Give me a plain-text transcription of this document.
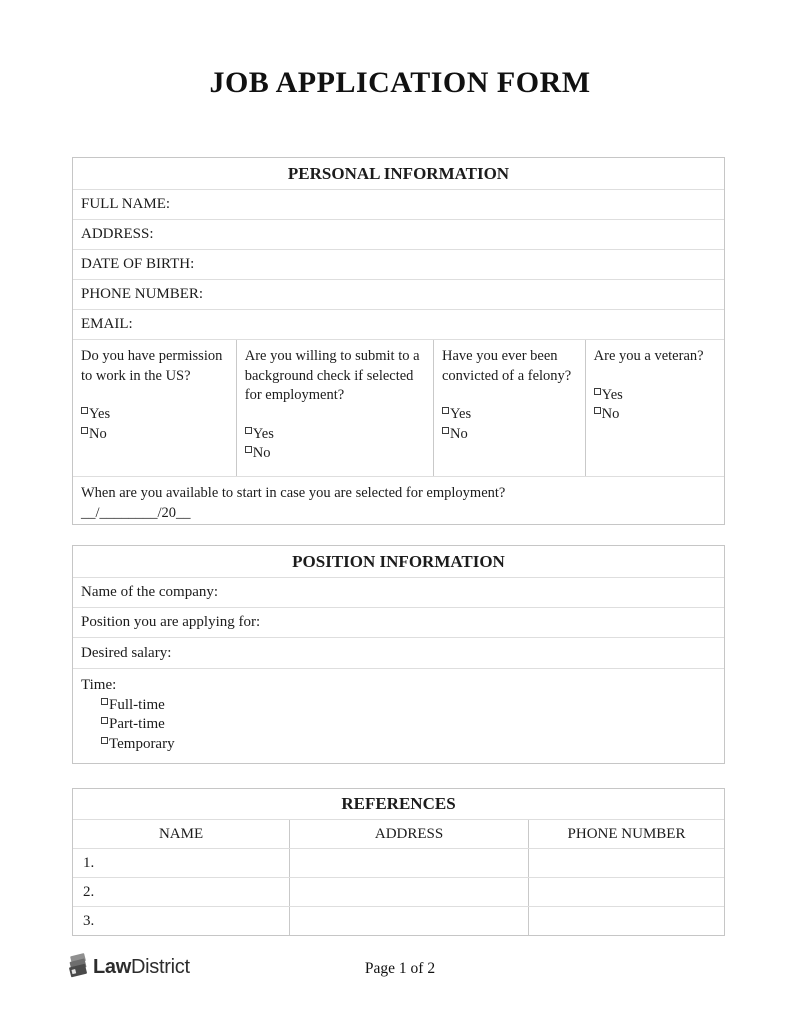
JOB APPLICATION FORM
PERSONAL INFORMATION
FULL NAME:
ADDRESS:
DATE OF BIRTH:
PHONE NUMBER:
EMAIL:
Do you have permission to work in the US?
Yes
No
Are you willing to submit to a background check if selected for employment?
Yes
No
Have you ever been convicted of a felony?
Yes
No
Are you a veteran?
Yes
No
When are you available to start in case you are selected for employment?
__/________/20__
POSITION INFORMATION
Name of the company:
Position you are applying for:
Desired salary:
Time:
Full-time
Part-time
Temporary
REFERENCES
NAME	ADDRESS	PHONE NUMBER
1.
2.
3.
Law District	Page 1 of 2
